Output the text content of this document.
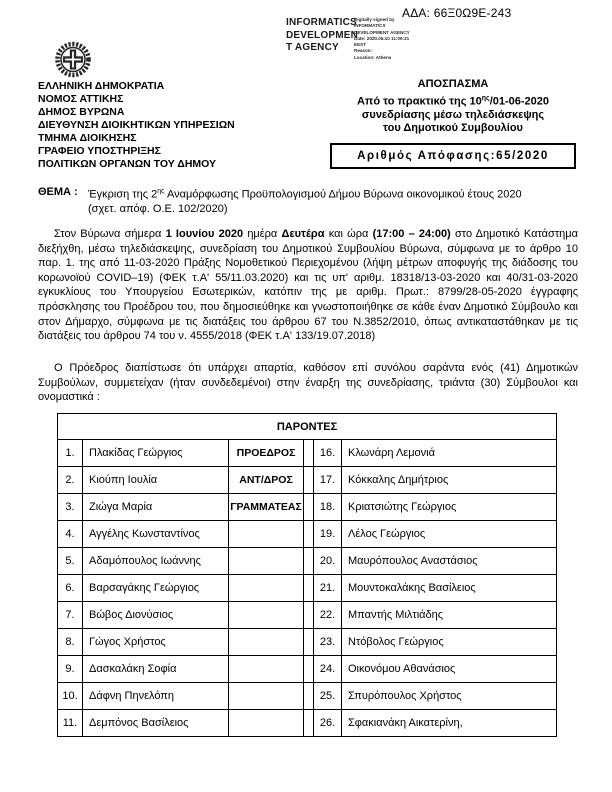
ΑΔΑ: 66Ξ0Ω9Ε-243
INFORMATICS
DEVELOPMEN
T AGENCY
Digitally signed by
INFORMATICS
DEVELOPMENT AGENCY
Date: 2020.06.10 11:09:31
EEST
Reason:
Location: Athens
ΕΛΛΗΝΙΚΗ ΔΗΜΟΚΡΑΤΙΑ
ΝΟΜΟΣ ΑΤΤΙΚΗΣ
ΔΗΜΟΣ ΒΥΡΩΝΑ
ΔΙΕΥΘΥΝΣΗ ΔΙΟΙΚΗΤΙΚΩΝ ΥΠΗΡΕΣΙΩΝ
ΤΜΗΜΑ ΔΙΟΙΚΗΣΗΣ
ΓΡΑΦΕΙΟ ΥΠΟΣΤΗΡΙΞΗΣ
ΠΟΛΙΤΙΚΩΝ ΟΡΓΑΝΩΝ ΤΟΥ ΔΗΜΟΥ
ΑΠΟΣΠΑΣΜΑ
Από το πρακτικό της $10^{\eta\varsigma}/01-06-2020$
συνεδρίασης μέσω τηλεδιάσκεψης
του Δημοτικού Συμβουλίου
Αριθμός Απόφασης:65/2020
ΘΕΜΑ : Έγκριση της $2^{\eta\varsigma}$ Αναμόρφωσης Προϋπολογισμού Δήμου Βύρωνα οικονομικού έτους 2020
(σχετ. απόφ. Ο.Ε. 102/2020)
Στον Βύρωνα σήμερα 1 Ιουνίου 2020 ημέρα Δευτέρα και ώρα (17:00 – 24:00) στο Δημοτικό Κατάστημα διεξήχθη, μέσω τηλεδιάσκεψης, συνεδρίαση του Δημοτικού Συμβουλίου Βύρωνα, σύμφωνα με το άρθρο 10 παρ. 1. της από 11-03-2020 Πράξης Νομοθετικού Περιεχομένου (λήψη μέτρων αποφυγής της διάδοσης του κορωνοϊού COVID–19) (ΦΕΚ τ.Α' 55/11.03.2020) και τις υπ' αριθμ. 18318/13-03-2020 και 40/31-03-2020 εγκυκλίους του Υπουργείου Εσωτερικών, κατόπιν της με αριθμ. Πρωτ.: 8799/28-05-2020 έγγραφης πρόσκλησης του Προέδρου του, που δημοσιεύθηκε και γνωστοποιήθηκε σε κάθε έναν Δημοτικό Σύμβουλο και στον Δήμαρχο, σύμφωνα με τις διατάξεις του άρθρου 67 του Ν.3852/2010, όπως αντικαταστάθηκαν με τις διατάξεις του άρθρου 74 του ν. 4555/2018 (ΦΕΚ τ.Α' 133/19.07.2018)
Ο Πρόεδρος διαπίστωσε ότι υπάρχει απαρτία, καθόσον επί συνόλου σαράντα ενός (41) Δημοτικών Συμβούλων, συμμετείχαν (ήταν συνδεδεμένοι) στην έναρξη της συνεδρίασης, τριάντα (30) Σύμβουλοι και ονομαστικά :
ΠΑΡΟΝΤΕΣ					
1.	Πλακίδας Γεώργιος	ΠΡΟΕΔΡΟΣ		16.	Κλωνάρη Λεμονιά
2.	Κιούπη Ιουλία	ΑΝΤ/ΔΡΟΣ		17.	Κόκκαλης Δημήτριος
3.	Ζιώγα Μαρία	ΓΡΑΜΜΑΤΕΑΣ		18.	Κριατσιώτης Γεώργιος
4.	Αγγέλης Κωνσταντίνος			19.	Λέλος Γεώργιος
5.	Αδαμόπουλος Ιωάννης			20.	Μαυρόπουλος Αναστάσιος
6.	Βαρσαγάκης Γεώργιος			21.	Μουντοκαλάκης Βασίλειος
7.	Βώβος Διονύσιος			22.	Μπαντής Μιλτιάδης
8.	Γώγος Χρήστος			23.	Ντόβολος Γεώργιος
9.	Δασκαλάκη Σοφία			24.	Οικονόμου Αθανάσιος
10.	Δάφνη Πηνελόπη			25.	Σπυρόπουλος Χρήστος
11.	Δεμπόνος Βασίλειος			26.	Σφακιανάκη Αικατερίνη,
